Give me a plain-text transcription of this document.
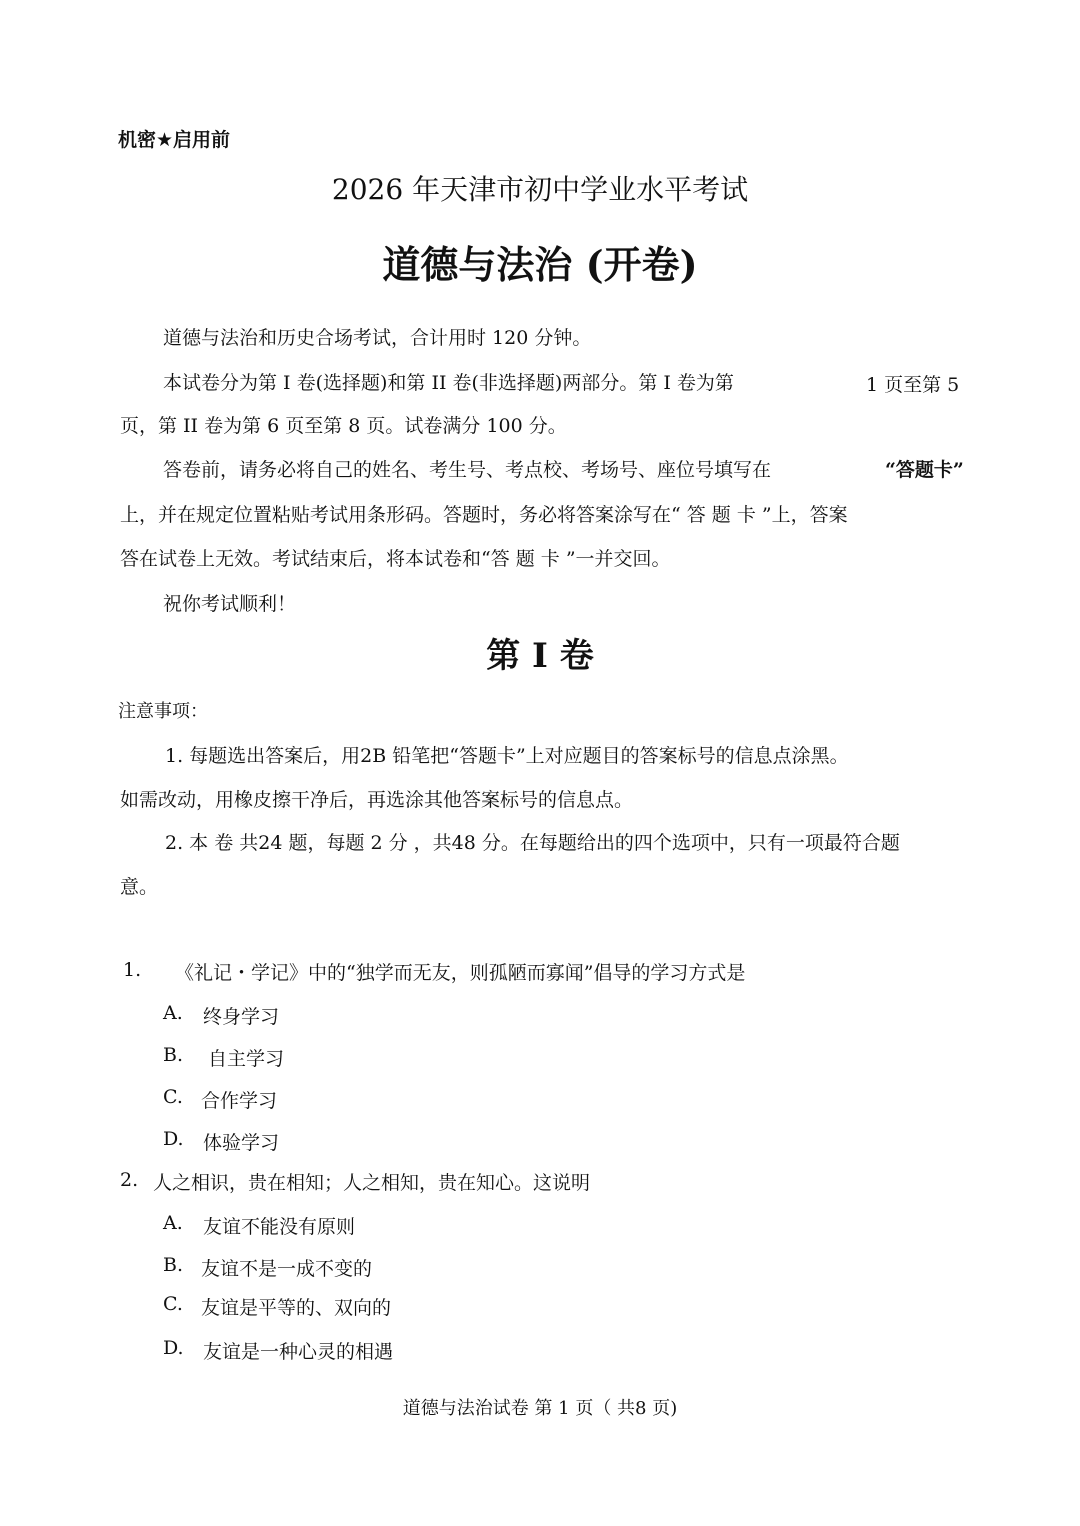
机密★启用前
2026 年天津市初中学业水平考试
道德与法治 (开卷)
道德与法治和历史合场考试，合计用时 120 分钟。
本试卷分为第 I 卷(选择题)和第 II 卷(非选择题)两部分。第 I 卷为第	1 页至第 5
页，第 II 卷为第 6 页至第 8 页。试卷满分 100 分。
答卷前，请务必将自己的姓名、考生号、考点校、考场号、座位号填写在	“答题卡”
上，并在规定位置粘贴考试用条形码。答题时，务必将答案涂写在“ 答 题 卡 ”上，答案
答在试卷上无效。考试结束后，将本试卷和“答 题 卡 ”一并交回。
祝你考试顺利！
第 I 卷
注意事项：
1. 每题选出答案后，用2B 铅笔把“答题卡”上对应题目的答案标号的信息点涂黑。
如需改动，用橡皮擦干净后，再选涂其他答案标号的信息点。
2. 本 卷 共24 题，每题 2 分 ，共48 分。在每题给出的四个选项中，只有一项最符合题
意。
1. 《礼记・学记》中的“独学而无友，则孤陋而寡闻”倡导的学习方式是
A. 终身学习
B. 自主学习
C. 合作学习
D. 体验学习
2. 人之相识，贵在相知；人之相知，贵在知心。这说明
A. 友谊不能没有原则
B. 友谊不是一成不变的
C. 友谊是平等的、双向的
D. 友谊是一种心灵的相遇
道德与法治试卷 第 1 页（ 共8 页)
